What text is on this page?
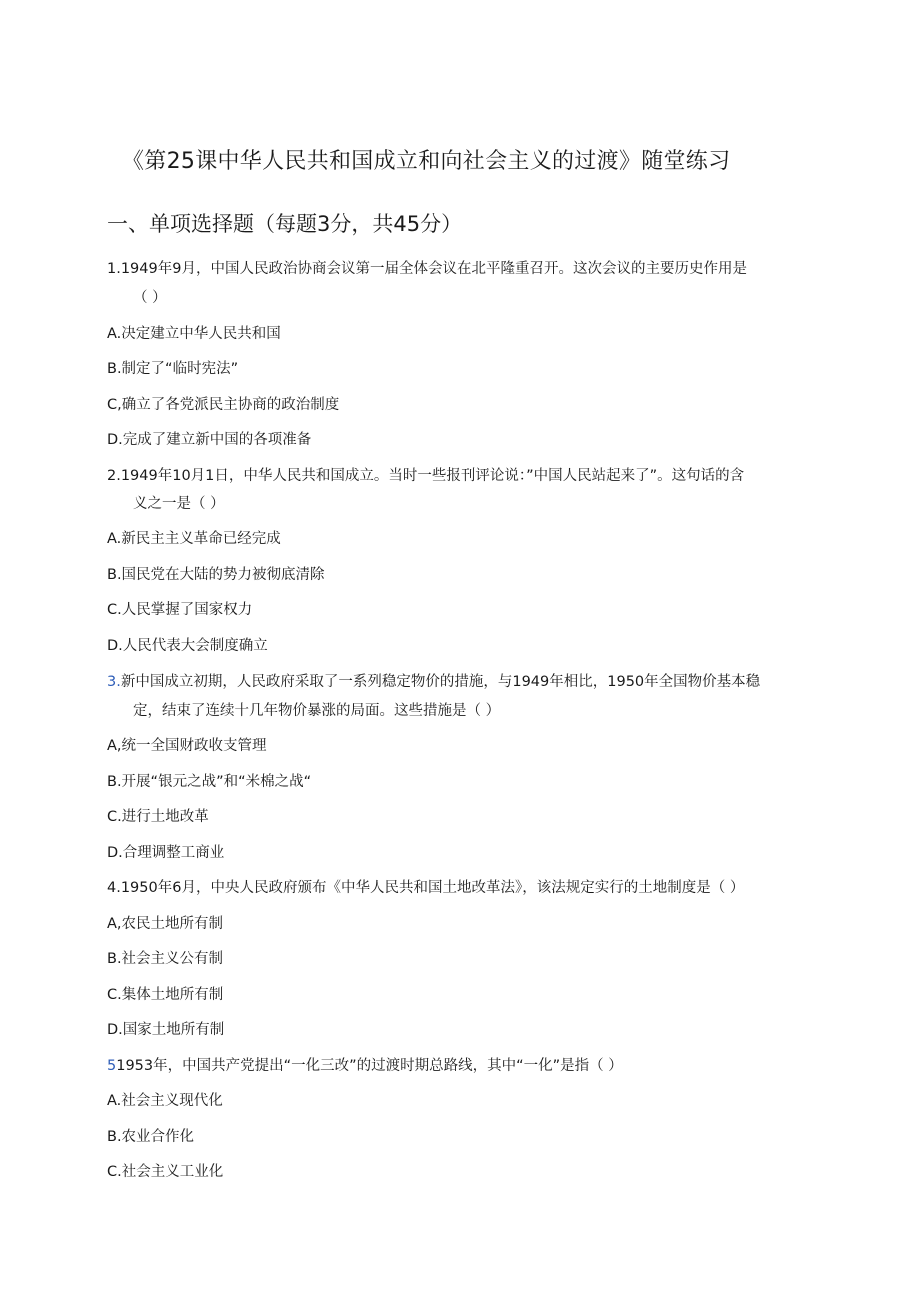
《第25课中华人民共和国成立和向社会主义的过渡》随堂练习
一、单项选择题（每题3分，共45分）
1.1949年9月，中国人民政治协商会议第一届全体会议在北平隆重召开。这次会议的主要历史作用是
（ ）
A.决定建立中华人民共和国
B.制定了“临时宪法”
C,确立了各党派民主协商的政治制度
D.完成了建立新中国的各项准备
2.1949年10月1日，中华人民共和国成立。当时一些报刊评论说：”中国人民站起来了”。这句话的含
义之一是（ ）
A.新民主主义革命已经完成
B.国民党在大陆的势力被彻底清除
C.人民掌握了国家权力
D.人民代表大会制度确立
3.新中国成立初期，人民政府采取了一系列稳定物价的措施，与1949年相比，1950年全国物价基本稳
定，结束了连续十几年物价暴涨的局面。这些措施是（ ）
A,统一全国财政收支管理
B.开展“银元之战”和“米棉之战“
C.进行土地改革
D.合理调整工商业
4.1950年6月，中央人民政府颁布《中华人民共和国土地改革法》，该法规定实行的土地制度是（ ）
A,农民土地所有制
B.社会主义公有制
C.集体土地所有制
D.国家土地所有制
51953年，中国共产党提出“一化三改”的过渡时期总路线，其中“一化”是指（ ）
A.社会主义现代化
B.农业合作化
C.社会主义工业化
